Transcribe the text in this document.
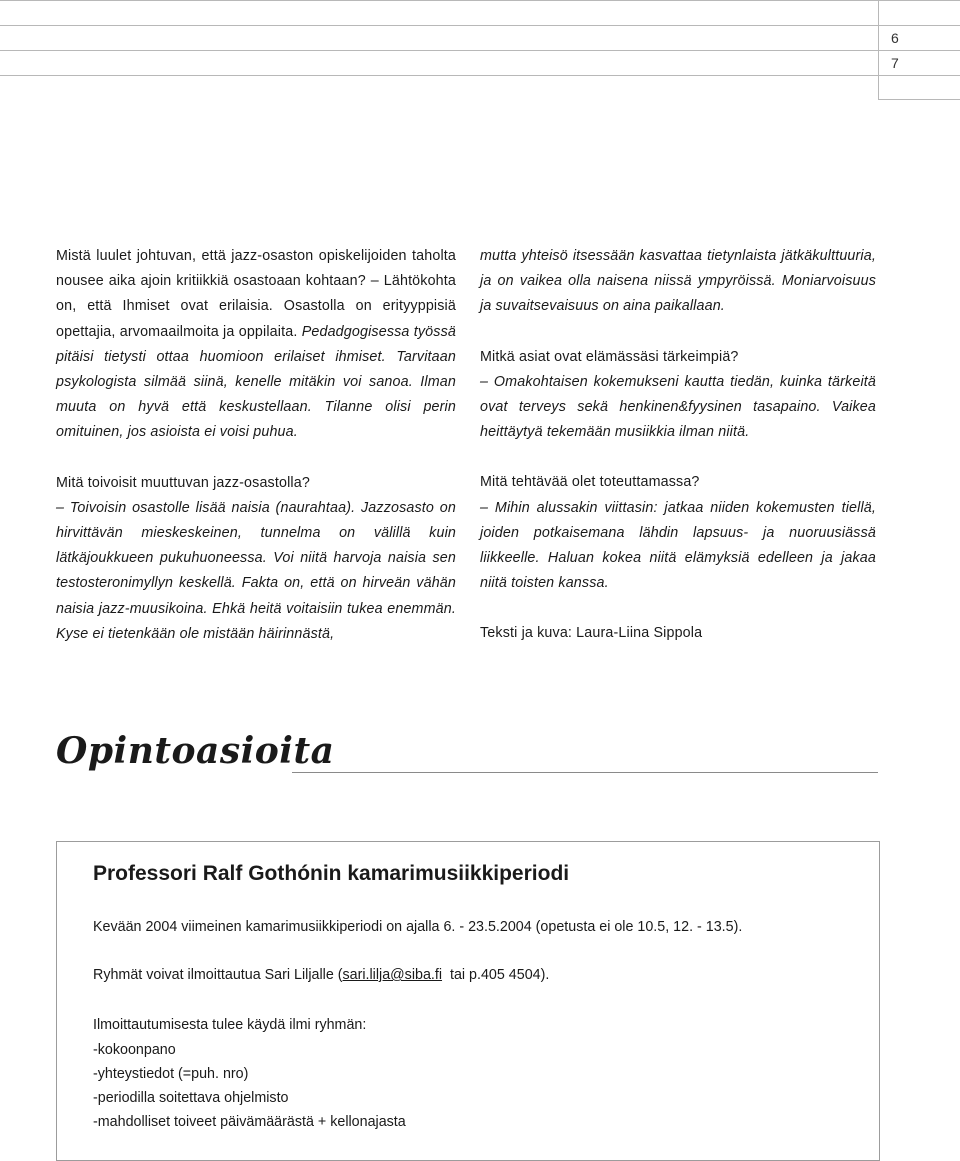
6
7

Mistä luulet johtuvan, että jazz-osaston opiskelijoiden taholta nousee aika ajoin kritiikkiä osastoaan kohtaan? – Lähtökohta on, että Ihmiset ovat erilaisia. Osastolla on erityyppisiä opettajia, arvomaailmoita ja oppilaita. Pedadgogisessa työssä pitäisi tietysti ottaa huomioon erilaiset ihmiset. Tarvitaan psykologista silmää siinä, kenelle mitäkin voi sanoa. Ilman muuta on hyvä että keskustellaan. Tilanne olisi perin omituinen, jos asioista ei voisi puhua.

Mitä toivoisit muuttuvan jazz-osastolla?

– Toivoisin osastolle lisää naisia (naurahtaa). Jazzosasto on hirvittävän mieskeskeinen, tunnelma on välillä kuin lätkäjoukkueen pukuhuoneessa. Voi niitä harvoja naisia sen testosteronimyllyn keskellä. Fakta on, että on hirveän vähän naisia jazz-muusikoina. Ehkä heitä voitaisiin tukea enemmän. Kyse ei tietenkään ole mistään häirinnästä,

mutta yhteisö itsessään kasvattaa tietynlaista jätkäkulttuuria, ja on vaikea olla naisena niissä ympyröissä. Moniarvoisuus ja suvaitsevaisuus on aina paikallaan.

Mitkä asiat ovat elämässäsi tärkeimpiä?

– Omakohtaisen kokemukseni kautta tiedän, kuinka tärkeitä ovat terveys sekä henkinen&fyysinen tasapaino. Vaikea heittäytyä tekemään musiikkia ilman niitä.

Mitä tehtävää olet toteuttamassa?

– Mihin alussakin viittasin: jatkaa niiden kokemusten tiellä, joiden potkaisemana lähdin lapsuus- ja nuoruusiässä liikkeelle. Haluan kokea niitä elämyksiä edelleen ja jakaa niitä toisten kanssa.

Teksti ja kuva: Laura-Liina Sippola

Opintoasioita
Professori Ralf Gothónin kamarimusiikkiperiodi
Kevään 2004 viimeinen kamarimusiikkiperiodi on ajalla 6. - 23.5.2004 (opetusta ei ole 10.5, 12. - 13.5).
Ryhmät voivat ilmoittautua Sari Liljalle (sari.lilja@siba.fi  tai p.405 4504).
Ilmoittautumisesta tulee käydä ilmi ryhmän:
-kokoonpano
-yhteystiedot (=puh. nro)
-periodilla soitettava ohjelmisto
-mahdolliset toiveet päivämäärästä + kellonajasta
